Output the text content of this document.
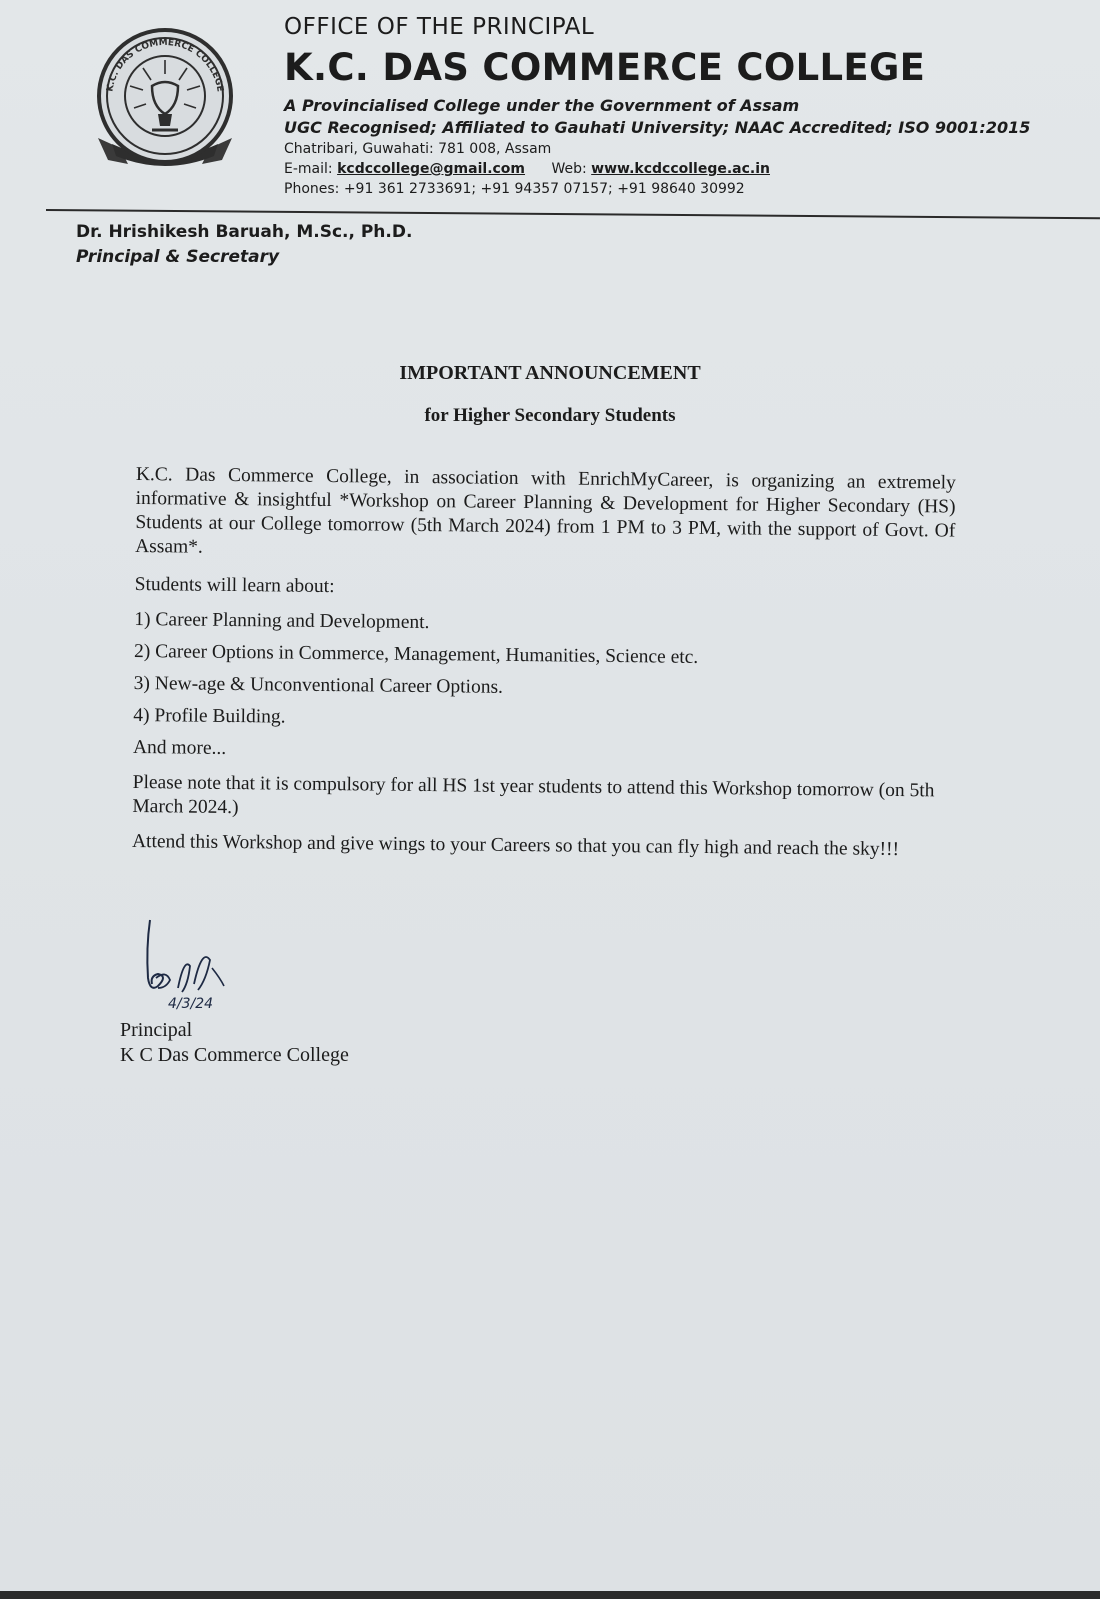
K.C. DAS COMMERCE COLLEGE

OFFICE OF THE PRINCIPAL

K.C. DAS COMMERCE COLLEGE

A Provincialised College under the Government of Assam

UGC Recognised; Affiliated to Gauhati University; NAAC Accredited; ISO 9001:2015

Chatribari, Guwahati: 781 008, Assam

E-mail: kcdccollege@gmail.com Web: www.kcdccollege.ac.in

Phones: +91 361 2733691; +91 94357 07157; +91 98640 30992

Dr. Hrishikesh Baruah, M.Sc., Ph.D.

Principal & Secretary

IMPORTANT ANNOUNCEMENT

for Higher Secondary Students

K.C. Das Commerce College, in association with EnrichMyCareer, is organizing an extremely informative & insightful *Workshop on Career Planning & Development for Higher Secondary (HS) Students at our College tomorrow (5th March 2024) from 1 PM to 3 PM, with the support of Govt. Of Assam*.

Students will learn about:

1) Career Planning and Development.

2) Career Options in Commerce, Management, Humanities, Science etc.

3) New-age & Unconventional Career Options.

4) Profile Building.

And more...

Please note that it is compulsory for all HS 1st year students to attend this Workshop tomorrow (on 5th March 2024.)

Attend this Workshop and give wings to your Careers so that you can fly high and reach the sky!!!

4/3/24

Principal

K C Das Commerce College
